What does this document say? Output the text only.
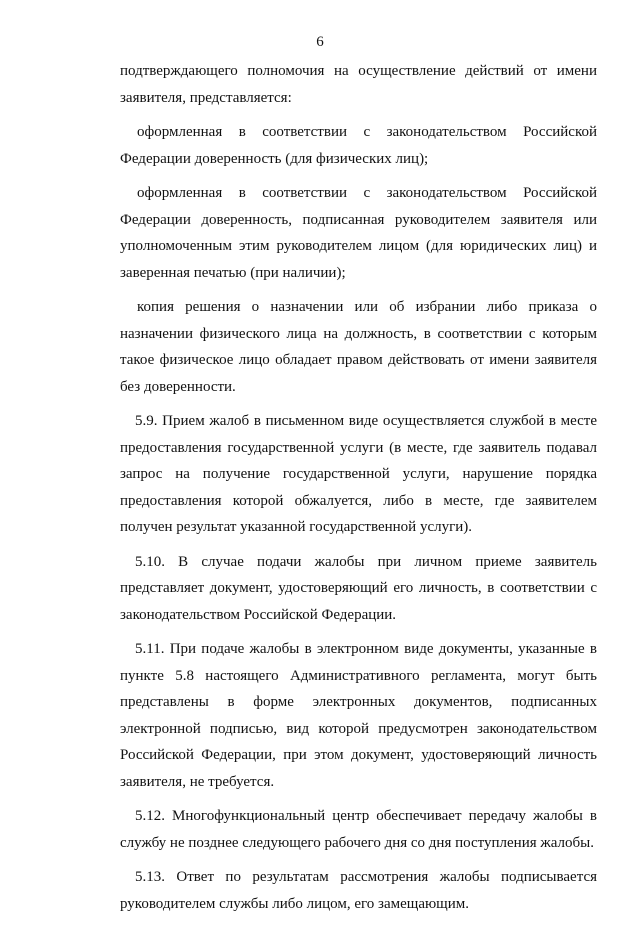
6

подтверждающего полномочия на осуществление действий от имени заявителя, представляется:

оформленная в соответствии с законодательством Российской Федерации доверенность (для физических лиц);

оформленная в соответствии с законодательством Российской Федерации доверенность, подписанная руководителем заявителя или уполномоченным этим руководителем лицом (для юридических лиц) и заверенная печатью (при наличии);

копия решения о назначении или об избрании либо приказа о назначении физического лица на должность, в соответствии с которым такое физическое лицо обладает правом действовать от имени заявителя без доверенности.

5.9. Прием жалоб в письменном виде осуществляется службой в месте предоставления государственной услуги (в месте, где заявитель подавал запрос на получение государственной услуги, нарушение порядка предоставления которой обжалуется, либо в месте, где заявителем получен результат указанной государственной услуги).

5.10. В случае подачи жалобы при личном приеме заявитель представляет документ, удостоверяющий его личность, в соответствии с законодательством Российской Федерации.

5.11. При подаче жалобы в электронном виде документы, указанные в пункте 5.8 настоящего Административного регламента, могут быть представлены в форме электронных документов, подписанных электронной подписью, вид которой предусмотрен законодательством Российской Федерации, при этом документ, удостоверяющий личность заявителя, не требуется.

5.12. Многофункциональный центр обеспечивает передачу жалобы в службу не позднее следующего рабочего дня со дня поступления жалобы.

5.13. Ответ по результатам рассмотрения жалобы подписывается руководителем службы либо лицом, его замещающим.
